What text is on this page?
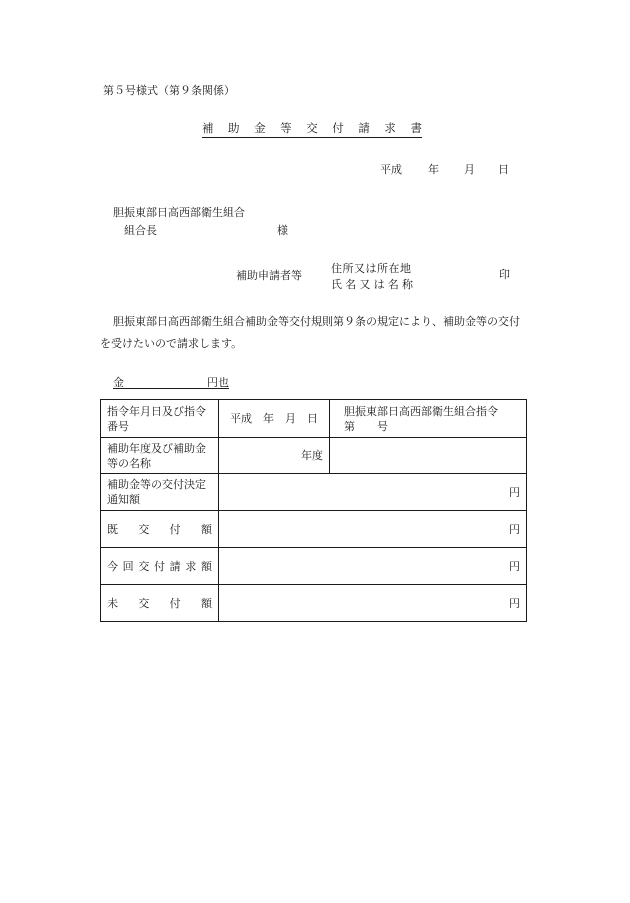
第５号様式（第９条関係）
補助金等交付請求書
平成 年 月 日
胆振東部日高西部衛生組合
組合長	様
補助申請者等
住所又は所在地
氏名又は名称
印
胆振東部日高西部衛生組合補助金等交付規則第９条の規定により、補助金等の交付を受けたいので請求します。
金	円也
指令年月日及び指令番号	平成　年　月　日	胆振東部日高西部衛生組合指令
第　　号

補助年度及び補助金等の名称	年度	
補助金等の交付決定通知額	円	
既交付額	円	
今回交付請求額	円	
未交付額	円	
